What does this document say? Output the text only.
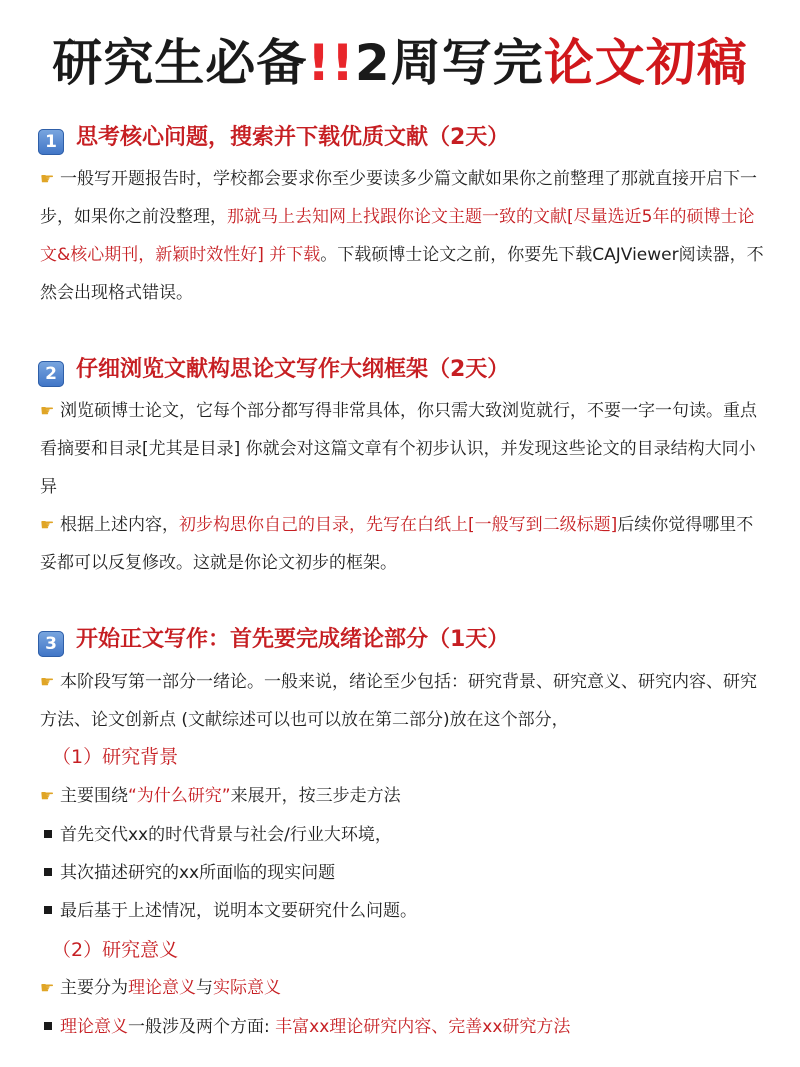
研究生必备!!2周写完论文初稿
1 思考核心问题，搜索并下载优质文献（2天）
☛ 一般写开题报告时，学校都会要求你至少要读多少篇文献如果你之前整理了那就直接开启下一步，如果你之前没整理，那就马上去知网上找跟你论文主题一致的文献[尽量选近5年的硕博士论文&核心期刊，新颖时效性好] 并下载。下载硕博士论文之前，你要先下载CAJViewer阅读器，不然会出现格式错误。
2 仔细浏览文献构思论文写作大纲框架（2天）
☛ 浏览硕博士论文，它每个部分都写得非常具体，你只需大致浏览就行，不要一字一句读。重点看摘要和目录[尤其是目录] 你就会对这篇文章有个初步认识，并发现这些论文的目录结构大同小异
☛ 根据上述内容，初步构思你自己的目录，先写在白纸上[一般写到二级标题]后续你觉得哪里不妥都可以反复修改。这就是你论文初步的框架。
3 开始正文写作：首先要完成绪论部分（1天）
☛ 本阶段写第一部分一绪论。一般来说，绪论至少包括：研究背景、研究意义、研究内容、研究方法、论文创新点 (文献综述可以也可以放在第二部分)放在这个部分，
（1）研究背景
☛ 主要围绕“为什么研究”来展开，按三步走方法
首先交代xx的时代背景与社会/行业大环境，
其次描述研究的xx所面临的现实问题
最后基于上述情况，说明本文要研究什么问题。
（2）研究意义
☛ 主要分为理论意义与实际意义
理论意义一般涉及两个方面: 丰富xx理论研究内容、完善xx研究方法
